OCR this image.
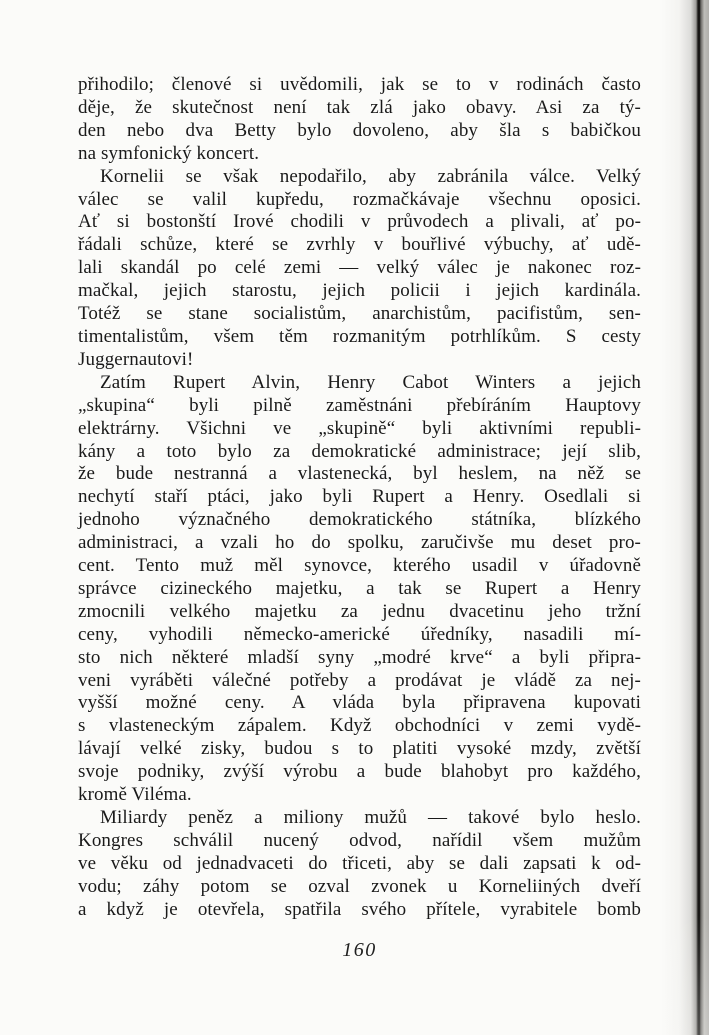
přihodilo; členové si uvědomili, jak se to v rodinách často
děje, že skutečnost není tak zlá jako obavy. Asi za tý-
den nebo dva Betty bylo dovoleno, aby šla s babičkou
na symfonický koncert.
Kornelii se však nepodařilo, aby zabránila válce. Velký
válec se valil kupředu, rozmačkávaje všechnu oposici.
Ať si bostonští Irové chodili v průvodech a plivali, ať po-
řádali schůze, které se zvrhly v bouřlivé výbuchy, ať udě-
lali skandál po celé zemi — velký válec je nakonec roz-
mačkal, jejich starostu, jejich policii i jejich kardinála.
Totéž se stane socialistům, anarchistům, pacifistům, sen-
timentalistům, všem těm rozmanitým potrhlíkům. S cesty
Juggernautovi!
Zatím Rupert Alvin, Henry Cabot Winters a jejich
„skupina“ byli pilně zaměstnáni přebíráním Hauptovy
elektrárny. Všichni ve „skupině“ byli aktivními republi-
kány a toto bylo za demokratické administrace; její slib,
že bude nestranná a vlastenecká, byl heslem, na něž se
nechytí staří ptáci, jako byli Rupert a Henry. Osedlali si
jednoho význačného demokratického státníka, blízkého
administraci, a vzali ho do spolku, zaručivše mu deset pro-
cent. Tento muž měl synovce, kterého usadil v úřadovně
správce cizineckého majetku, a tak se Rupert a Henry
zmocnili velkého majetku za jednu dvacetinu jeho tržní
ceny, vyhodili německo-americké úředníky, nasadili mí-
sto nich některé mladší syny „modré krve“ a byli připra-
veni vyráběti válečné potřeby a prodávat je vládě za nej-
vyšší možné ceny. A vláda byla připravena kupovati
s vlasteneckým zápalem. Když obchodníci v zemi vydě-
lávají velké zisky, budou s to platiti vysoké mzdy, zvětší
svoje podniky, zvýší výrobu a bude blahobyt pro každého,
kromě Viléma.
Miliardy peněz a miliony mužů — takové bylo heslo.
Kongres schválil nucený odvod, nařídil všem mužům
ve věku od jednadvaceti do třiceti, aby se dali zapsati k od-
vodu; záhy potom se ozval zvonek u Korneliiných dveří
a když je otevřela, spatřila svého přítele, vyrabitele bomb
160
